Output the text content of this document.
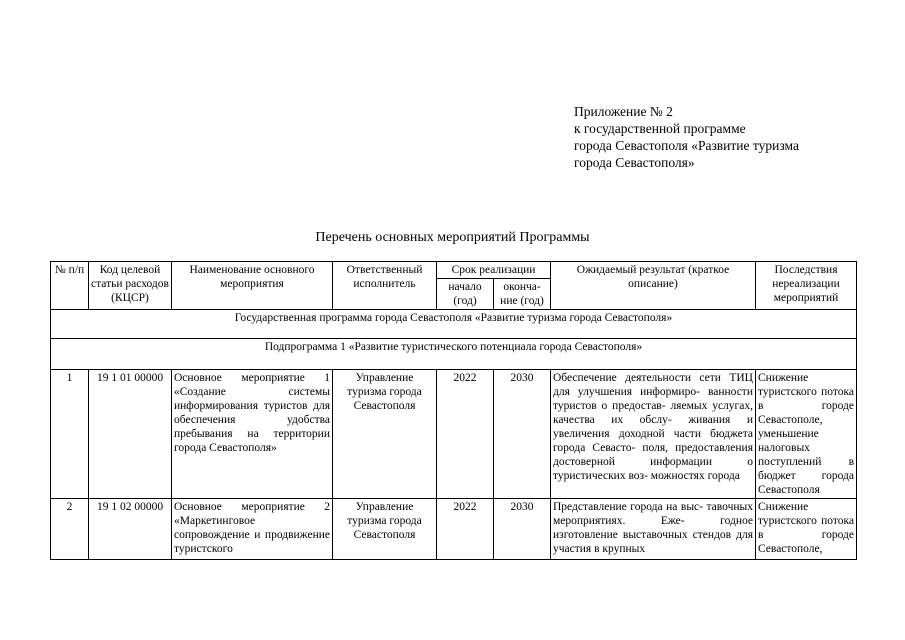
Приложение № 2
к государственной программе
города Севастополя «Развитие туризма
города Севастополя»
Перечень основных мероприятий Программы
№ п/п	Код целевой статьи расходов (КЦСР)	Наименование основного мероприятия	Ответственный исполнитель	Срок реализации		Ожидаемый результат (краткое описание)	Последствия нереализации мероприятий
				начало (год)	оконча- ние (год)		
Государственная программа города Севастополя «Развитие туризма города Севастополя»							
Подпрограмма 1 «Развитие туристического потенциала города Севастополя»							
1	19 1 01 00000	Основное мероприятие 1 «Создание системы информирования туристов для обеспечения удобства пребывания на территории города Севастополя»	Управление туризма города Севастополя	2022	2030	Обеспечение деятельности сети ТИЦ для улучшения информиро- ванности туристов о предостав- ляемых услугах, качества их обслу- живания и увеличения доходной части бюджета города Севасто- поля, предоставления достоверной информации о туристических воз- можностях города	Снижение туристского потока в городе Севастополе, уменьшение налоговых поступлений в бюджет города Севастополя
2	19 1 02 00000	Основное мероприятие 2 «Маркетинговое сопровождение и продвижение туристского	Управление туризма города Севастополя	2022	2030	Представление города на выс- тавочных мероприятиях. Еже- годное изготовление выставочных стендов для участия в крупных	Снижение туристского потока в городе Севастополе,
